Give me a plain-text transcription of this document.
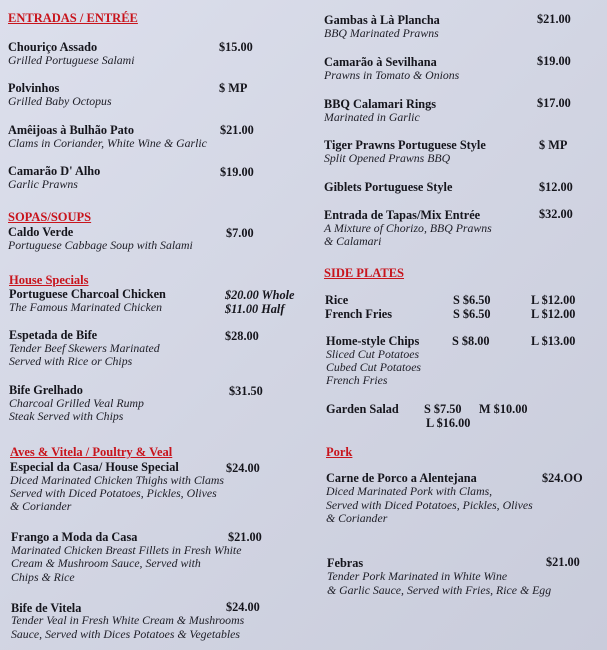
ENTRADAS / ENTRÉE
Chouriço Assado	$15.00
Grilled Portuguese Salami
Polvinhos	$ MP
Grilled Baby Octopus
Amêijoas à Bulhão Pato	$21.00
Clams in Coriander, White Wine & Garlic
Camarão D' Alho	$19.00
Garlic Prawns
SOPAS/SOUPS
Caldo Verde	$7.00
Portuguese Cabbage Soup with Salami
House Specials
Portuguese Charcoal Chicken	$20.00 Whole
The Famous Marinated Chicken	$11.00 Half
Espetada de Bife	$28.00
Tender Beef Skewers Marinated
Served with Rice or Chips
Bife Grelhado	$31.50
Charcoal Grilled Veal Rump
Steak Served with Chips
Aves & Vitela / Poultry & Veal
Especial da Casa/ House Special	$24.00
Diced Marinated Chicken Thighs with Clams
Served with Diced Potatoes, Pickles, Olives
& Coriander
Frango a Moda da Casa	$21.00
Marinated Chicken Breast Fillets in Fresh White
Cream & Mushroom Sauce, Served with
Chips & Rice
Bife de Vitela	$24.00
Tender Veal in Fresh White Cream & Mushrooms
Sauce, Served with Dices Potatoes & Vegetables
Gambas à Là Plancha	$21.00
BBQ Marinated Prawns
Camarão à Sevilhana	$19.00
Prawns in Tomato & Onions
BBQ Calamari Rings	$17.00
Marinated in Garlic
Tiger Prawns Portuguese Style	$ MP
Split Opened Prawns BBQ
Giblets Portuguese Style	$12.00
Entrada de Tapas/Mix Entrée	$32.00
A Mixture of Chorizo, BBQ Prawns
& Calamari
SIDE PLATES
Rice	S $6.50	L $12.00
French Fries	S $6.50	L $12.00
Home-style Chips	S $8.00	L $13.00
Sliced Cut Potatoes
Cubed Cut Potatoes
French Fries
Garden Salad S $7.50 M $10.00
L $16.00
Pork
Carne de Porco a Alentejana	$24.OO
Diced Marinated Pork with Clams,
Served with Diced Potatoes, Pickles, Olives
& Coriander
Febras	$21.00
Tender Pork Marinated in White Wine
& Garlic Sauce, Served with Fries, Rice & Egg
